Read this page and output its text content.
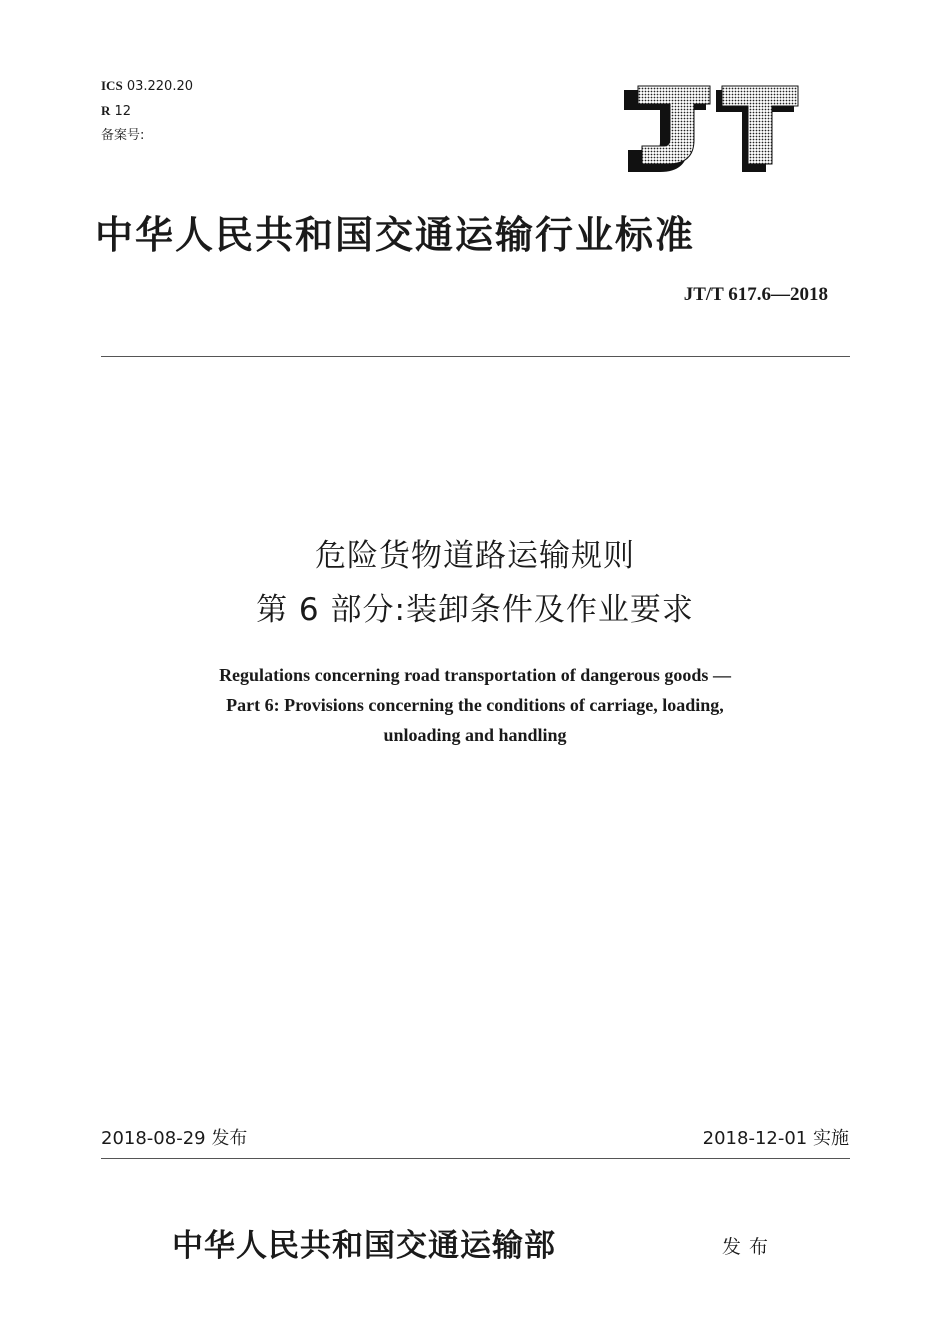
ICS 03.220.20
R 12
备案号:
中华人民共和国交通运输行业标准
JT/T 617.6—2018
危险货物道路运输规则
第 6 部分:装卸条件及作业要求
Regulations concerning road transportation of dangerous goods —
Part 6: Provisions concerning the conditions of carriage, loading,
unloading and handling
2018-08-29 发布	2018-12-01 实施
中华人民共和国交通运输部	发布
